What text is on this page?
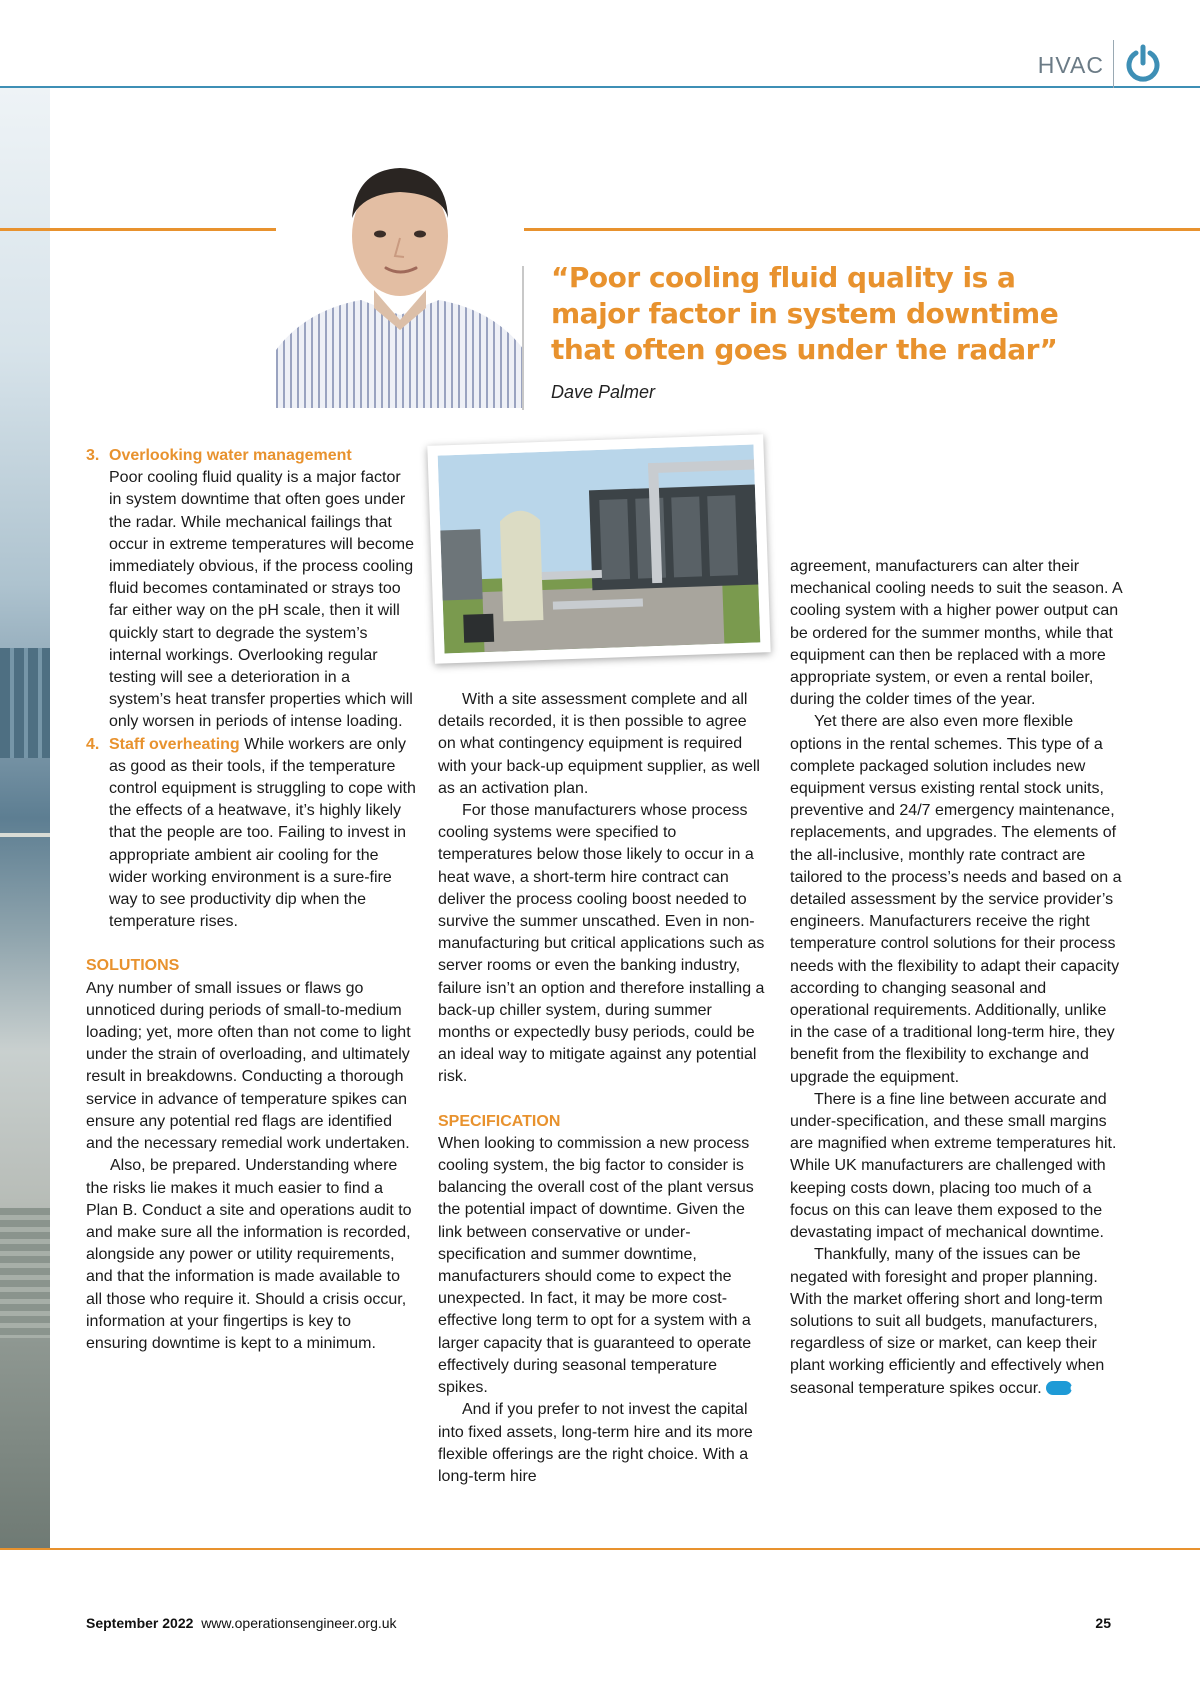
HVAC

“Poor cooling fluid quality is a major factor in system downtime that often goes under the radar”

Dave Palmer
3. Overlooking water management
Poor cooling fluid quality is a major factor in system downtime that often goes under the radar. While mechanical failings that occur in extreme temperatures will become immediately obvious, if the process cooling fluid becomes contaminated or strays too far either way on the pH scale, then it will quickly start to degrade the system’s internal workings. Overlooking regular testing will see a deterioration in a system’s heat transfer properties which will only worsen in periods of intense loading.
4. Staff overheating While workers are only as good as their tools, if the temperature control equipment is struggling to cope with the effects of a heatwave, it’s highly likely that the people are too. Failing to invest in appropriate ambient air cooling for the wider working environment is a sure-fire way to see productivity dip when the temperature rises.

SOLUTIONS

Any number of small issues or flaws go unnoticed during periods of small-to-medium loading; yet, more often than not come to light under the strain of overloading, and ultimately result in breakdowns. Conducting a thorough service in advance of temperature spikes can ensure any potential red flags are identified and the necessary remedial work undertaken.

Also, be prepared. Understanding where the risks lie makes it much easier to find a Plan B. Conduct a site and operations audit to and make sure all the information is recorded, alongside any power or utility requirements, and that the information is made available to all those who require it. Should a crisis occur, information at your fingertips is key to ensuring downtime is kept to a minimum.

With a site assessment complete and all details recorded, it is then possible to agree on what contingency equipment is required with your back-up equipment supplier, as well as an activation plan.

For those manufacturers whose process cooling systems were specified to temperatures below those likely to occur in a heat wave, a short-term hire contract can deliver the process cooling boost needed to survive the summer unscathed. Even in non-manufacturing but critical applications such as server rooms or even the banking industry, failure isn’t an option and therefore installing a back-up chiller system, during summer months or expectedly busy periods, could be an ideal way to mitigate against any potential risk.

SPECIFICATION

When looking to commission a new process cooling system, the big factor to consider is balancing the overall cost of the plant versus the potential impact of downtime. Given the link between conservative or under-specification and summer downtime, manufacturers should come to expect the unexpected. In fact, it may be more cost-effective long term to opt for a system with a larger capacity that is guaranteed to operate effectively during seasonal temperature spikes.

And if you prefer to not invest the capital into fixed assets, long-term hire and its more flexible offerings are the right choice. With a long-term hire

agreement, manufacturers can alter their mechanical cooling needs to suit the season. A cooling system with a higher power output can be ordered for the summer months, while that equipment can then be replaced with a more appropriate system, or even a rental boiler, during the colder times of the year.

Yet there are also even more flexible options in the rental schemes. This type of a complete packaged solution includes new equipment versus existing rental stock units, preventive and 24/7 emergency maintenance, replacements, and upgrades. The elements of the all-inclusive, monthly rate contract are tailored to the process’s needs and based on a detailed assessment by the service provider’s engineers. Manufacturers receive the right temperature control solutions for their process needs with the flexibility to adapt their capacity according to changing seasonal and operational requirements. Additionally, unlike in the case of a traditional long-term hire, they benefit from the flexibility to exchange and upgrade the equipment.

There is a fine line between accurate and under-specification, and these small margins are magnified when extreme temperatures hit. While UK manufacturers are challenged with keeping costs down, placing too much of a focus on this can leave them exposed to the devastating impact of mechanical downtime.

Thankfully, many of the issues can be negated with foresight and proper planning. With the market offering short and long-term solutions to suit all budgets, manufacturers, regardless of size or market, can keep their plant working efficiently and effectively when seasonal temperature spikes occur.	oe

September 2022 www.operationsengineer.org.uk	25
